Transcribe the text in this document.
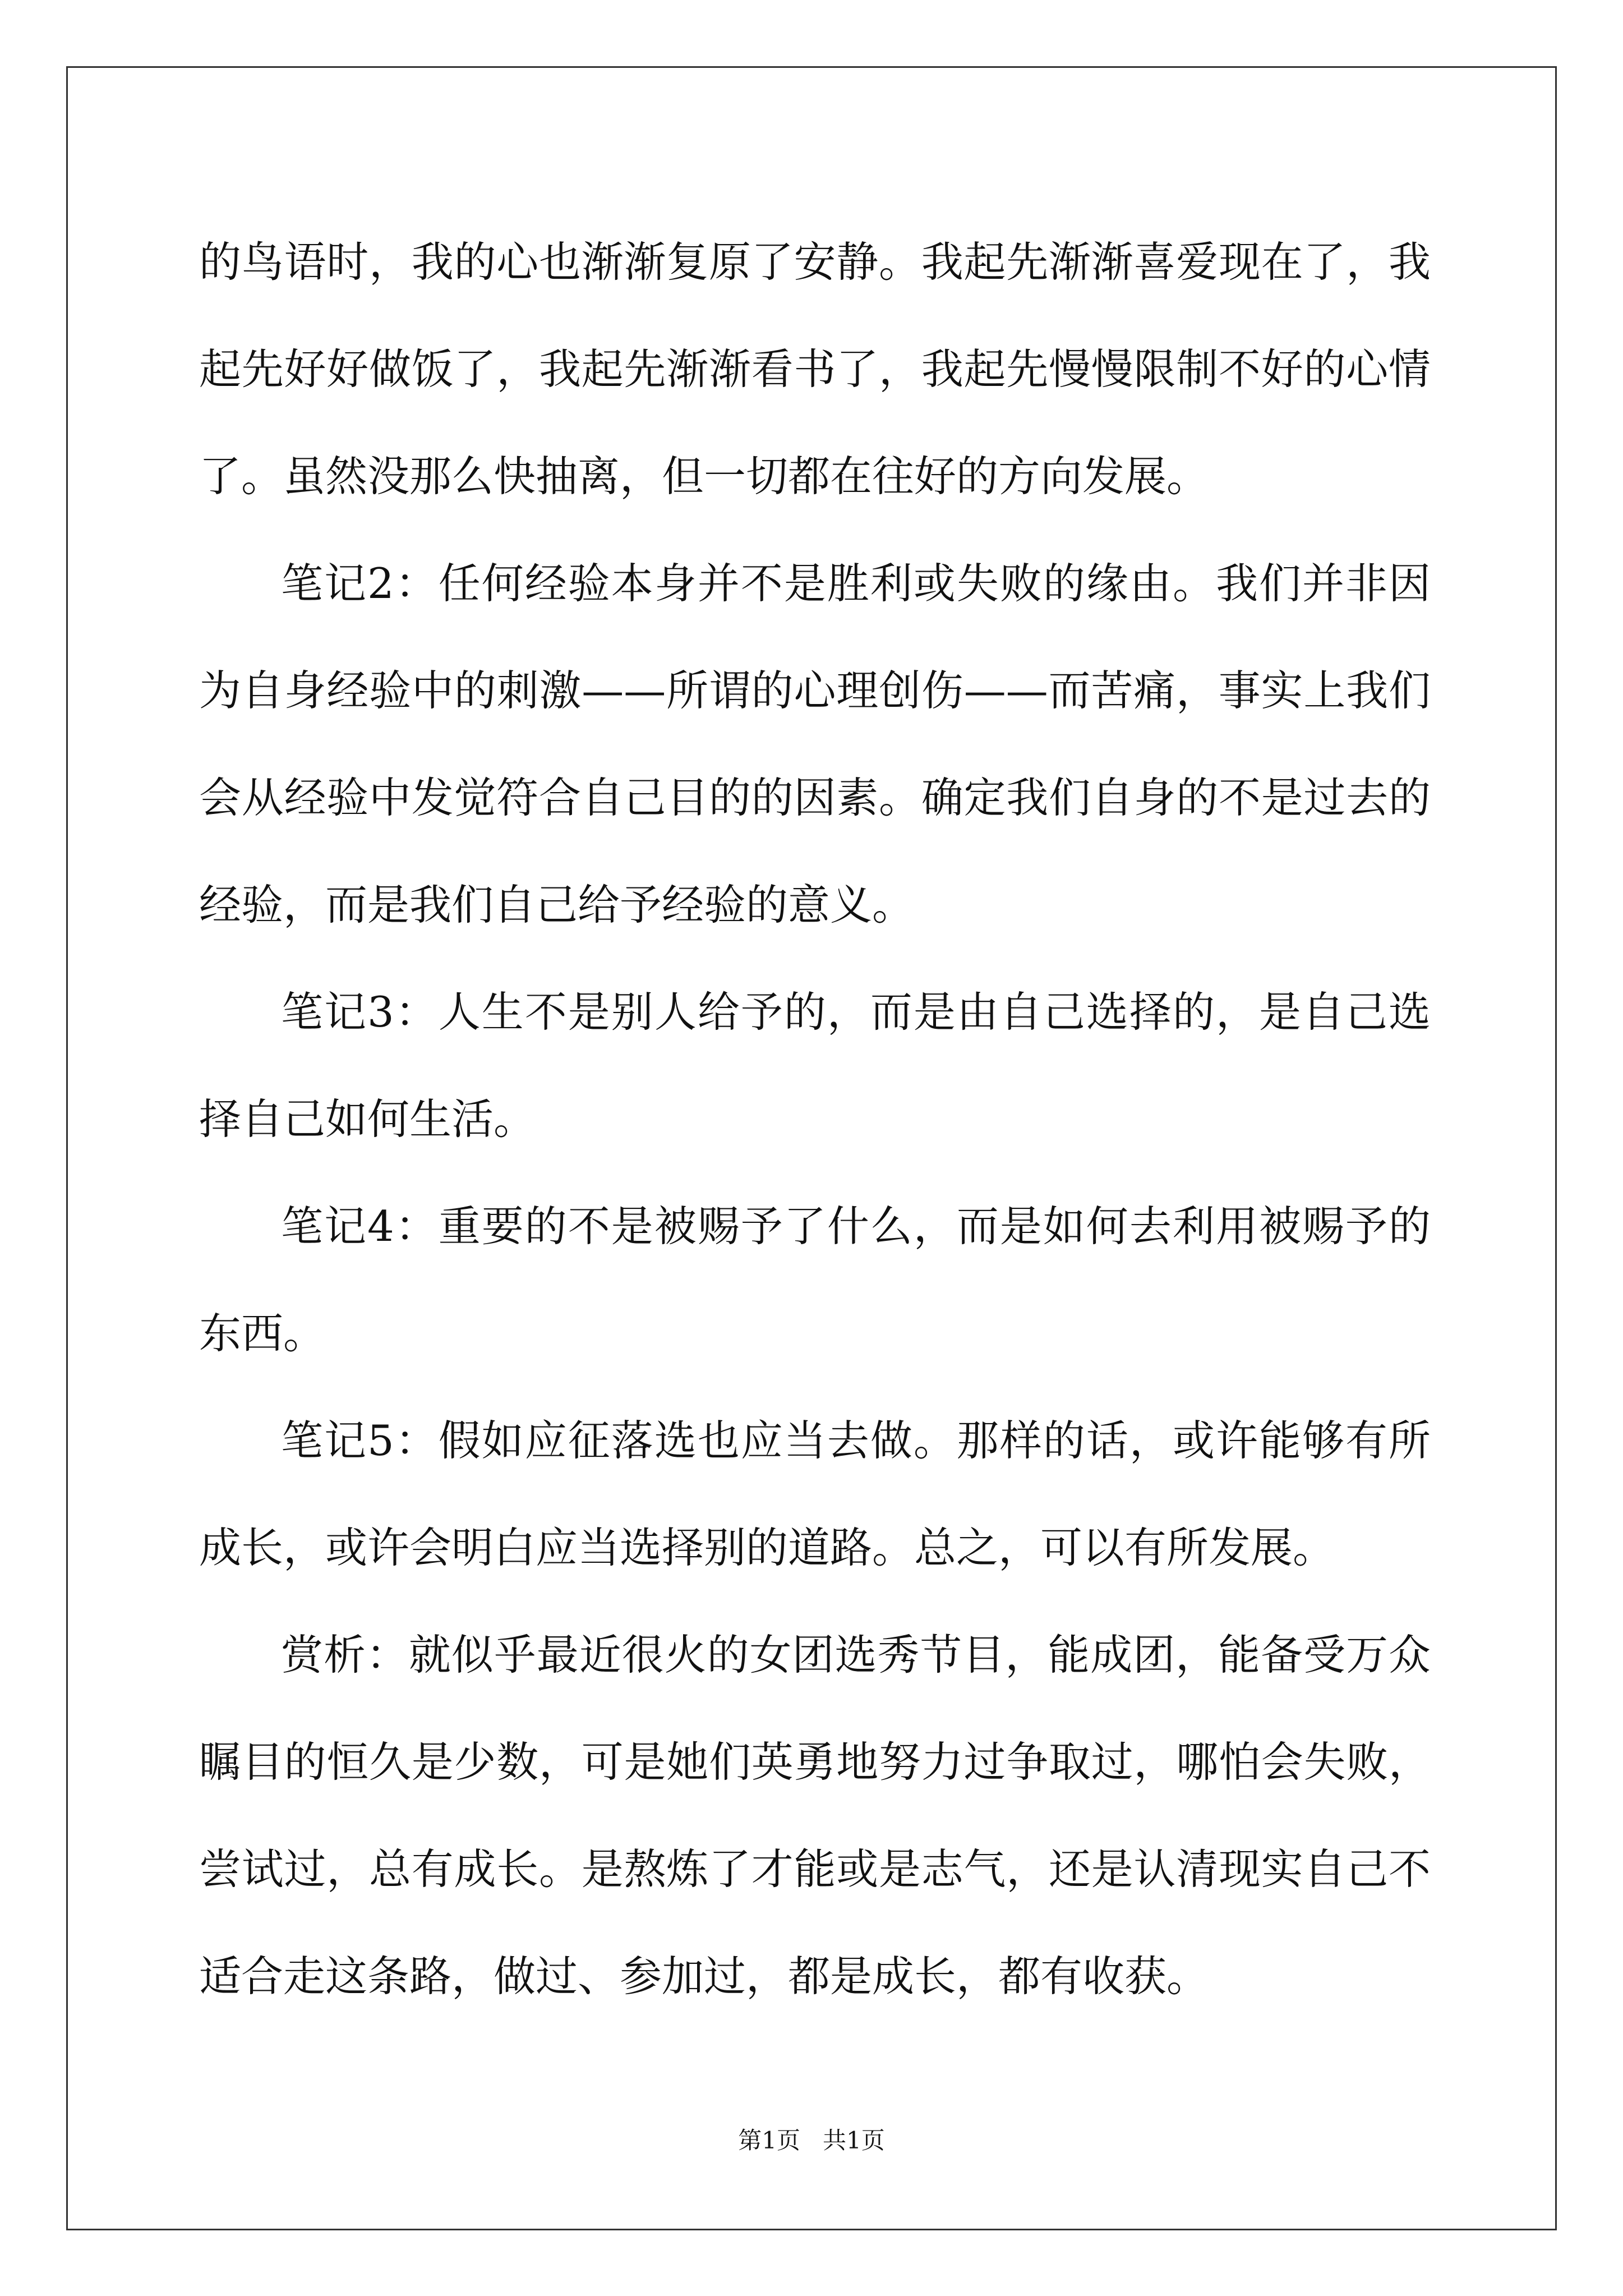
的鸟语时，我的心也渐渐复原了安静。我起先渐渐喜爱现在了，我起先好好做饭了，我起先渐渐看书了，我起先慢慢限制不好的心情了。虽然没那么快抽离，但一切都在往好的方向发展。

笔记2：任何经验本身并不是胜利或失败的缘由。我们并非因为自身经验中的刺激——所谓的心理创伤——而苦痛，事实上我们会从经验中发觉符合自己目的的因素。确定我们自身的不是过去的经验，而是我们自己给予经验的意义。

笔记3：人生不是别人给予的，而是由自己选择的，是自己选择自己如何生活。

笔记4：重要的不是被赐予了什么，而是如何去利用被赐予的东西。

笔记5：假如应征落选也应当去做。那样的话，或许能够有所成长，或许会明白应当选择别的道路。总之，可以有所发展。

赏析：就似乎最近很火的女团选秀节目，能成团，能备受万众瞩目的恒久是少数，可是她们英勇地努力过争取过，哪怕会失败，尝试过，总有成长。是熬炼了才能或是志气，还是认清现实自己不适合走这条路，做过、参加过，都是成长，都有收获。

第1页   共1页
